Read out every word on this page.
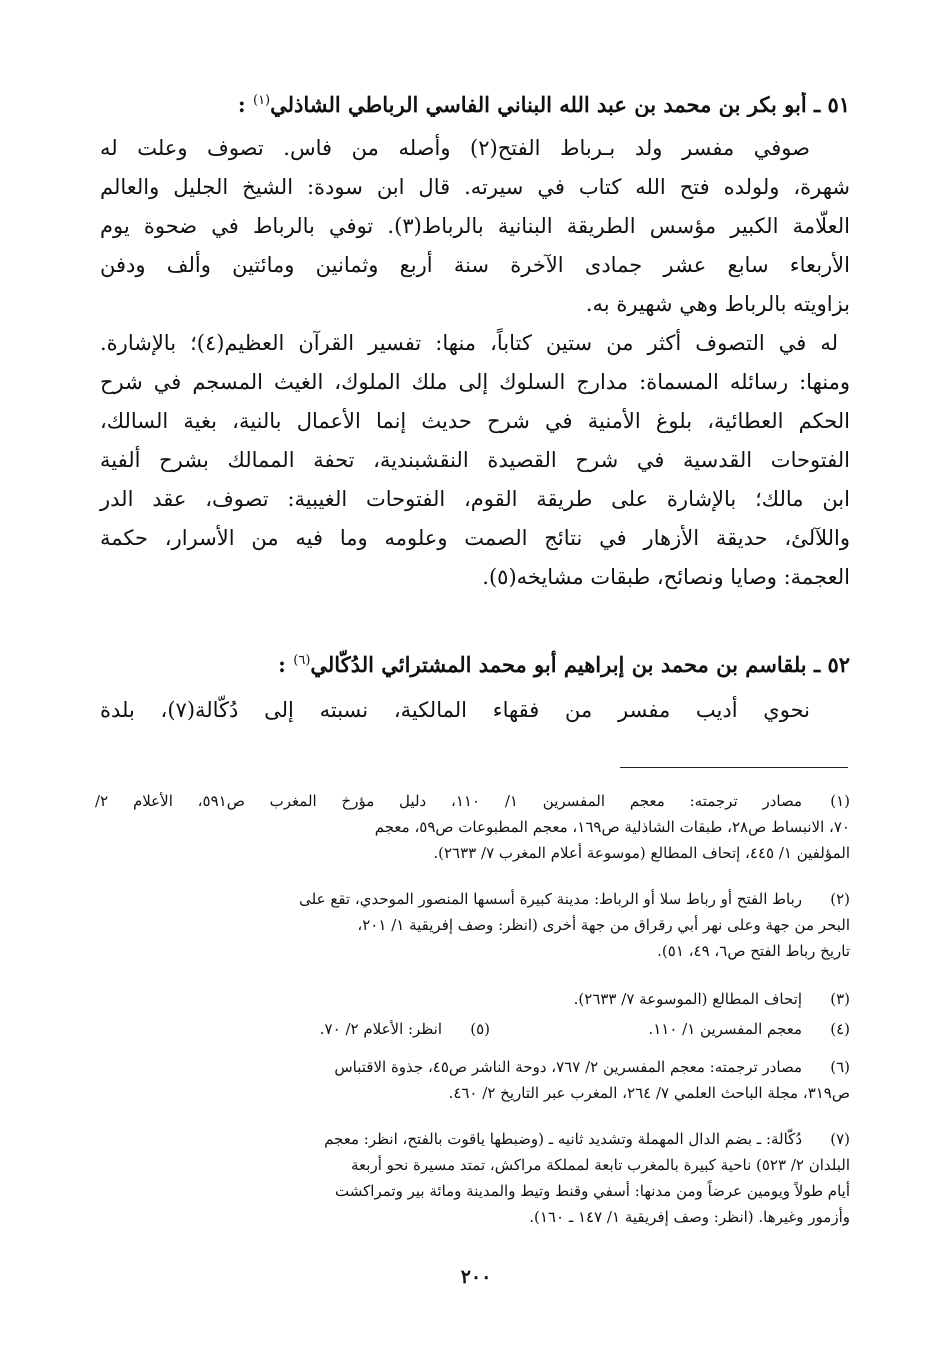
٥١ ـ أبو بكر بن محمد بن عبد الله البناني الفاسي الرباطي الشاذلي$^{(١)}$ :
صوفي مفسر ولد بـرباط الفتح(٢) وأصله من فاس. تصوف وعلت له
شهرة، ولولده فتح الله كتاب في سيرته. قال ابن سودة: الشيخ الجليل والعالم
العلّامة الكبير مؤسس الطريقة البنانية بالرباط(٣). توفي بالرباط في ضحوة يوم
الأربعاء سابع عشر جمادى الآخرة سنة أربع وثمانين ومائتين وألف ودفن
بزاويته بالرباط وهي شهيرة به.
له في التصوف أكثر من ستين كتاباً، منها: تفسير القرآن العظيم(٤)؛ بالإشارة.
ومنها: رسائله المسماة: مدارج السلوك إلى ملك الملوك، الغيث المسجم في شرح
الحكم العطائية، بلوغ الأمنية في شرح حديث إنما الأعمال بالنية، بغية السالك،
الفتوحات القدسية في شرح القصيدة النقشبندية، تحفة الممالك بشرح ألفية
ابن مالك؛ بالإشارة على طريقة القوم، الفتوحات الغيبية: تصوف، عقد الدر
واللآلئ، حديقة الأزهار في نتائج الصمت وعلومه وما فيه من الأسرار، حكمة
العجمة: وصايا ونصائح، طبقات مشايخه(٥).
٥٢ ـ بلقاسم بن محمد بن إبراهيم أبو محمد المشترائي الدُكّالي$^{(٦)}$ :
نحوي أديب مفسر من فقهاء المالكية، نسبته إلى دُكّالة(٧)، بلدة
(١)
مصادر ترجمته: معجم المفسرين ١/ ١١٠، دليل مؤرخ المغرب ص٥٩١، الأعلام ٢/
٧٠، الانبساط ص٢٨، طبقات الشاذلية ص١٦٩، معجم المطبوعات ص٥٩، معجم
المؤلفين ١/ ٤٤٥، إتحاف المطالع (موسوعة أعلام المغرب ٧/ ٢٦٣٣).
(٢)
رباط الفتح أو رباط سلا أو الرباط: مدينة كبيرة أسسها المنصور الموحدي، تقع على
البحر من جهة وعلى نهر أبي رقراق من جهة أخرى (انظر: وصف إفريقية ١/ ٢٠١،
تاريخ رباط الفتح ص٦، ٤٩، ٥١).
(٣)
إتحاف المطالع (الموسوعة ٧/ ٢٦٣٣).
(٤)
معجم المفسرين ١/ ١١٠.
(٥)
انظر: الأعلام ٢/ ٧٠.
(٦)
مصادر ترجمته: معجم المفسرين ٢/ ٧٦٧، دوحة الناشر ص٤٥، جذوة الاقتباس
ص٣١٩، مجلة الباحث العلمي ٧/ ٢٦٤، المغرب عبر التاريخ ٢/ ٤٦٠.
(٧)
دُكّالة: ـ بضم الدال المهملة وتشديد ثانيه ـ (وضبطها ياقوت بالفتح، انظر: معجم
البلدان ٢/ ٥٢٣) ناحية كبيرة بالمغرب تابعة لمملكة مراكش، تمتد مسيرة نحو أربعة
أيام طولاً ويومين عرضاً ومن مدنها: أسفي وقنط وتيط والمدينة ومائة بير وتمراكشت
وأزمور وغيرها. (انظر: وصف إفريقية ١/ ١٤٧ ـ ١٦٠).
٢٠٠
